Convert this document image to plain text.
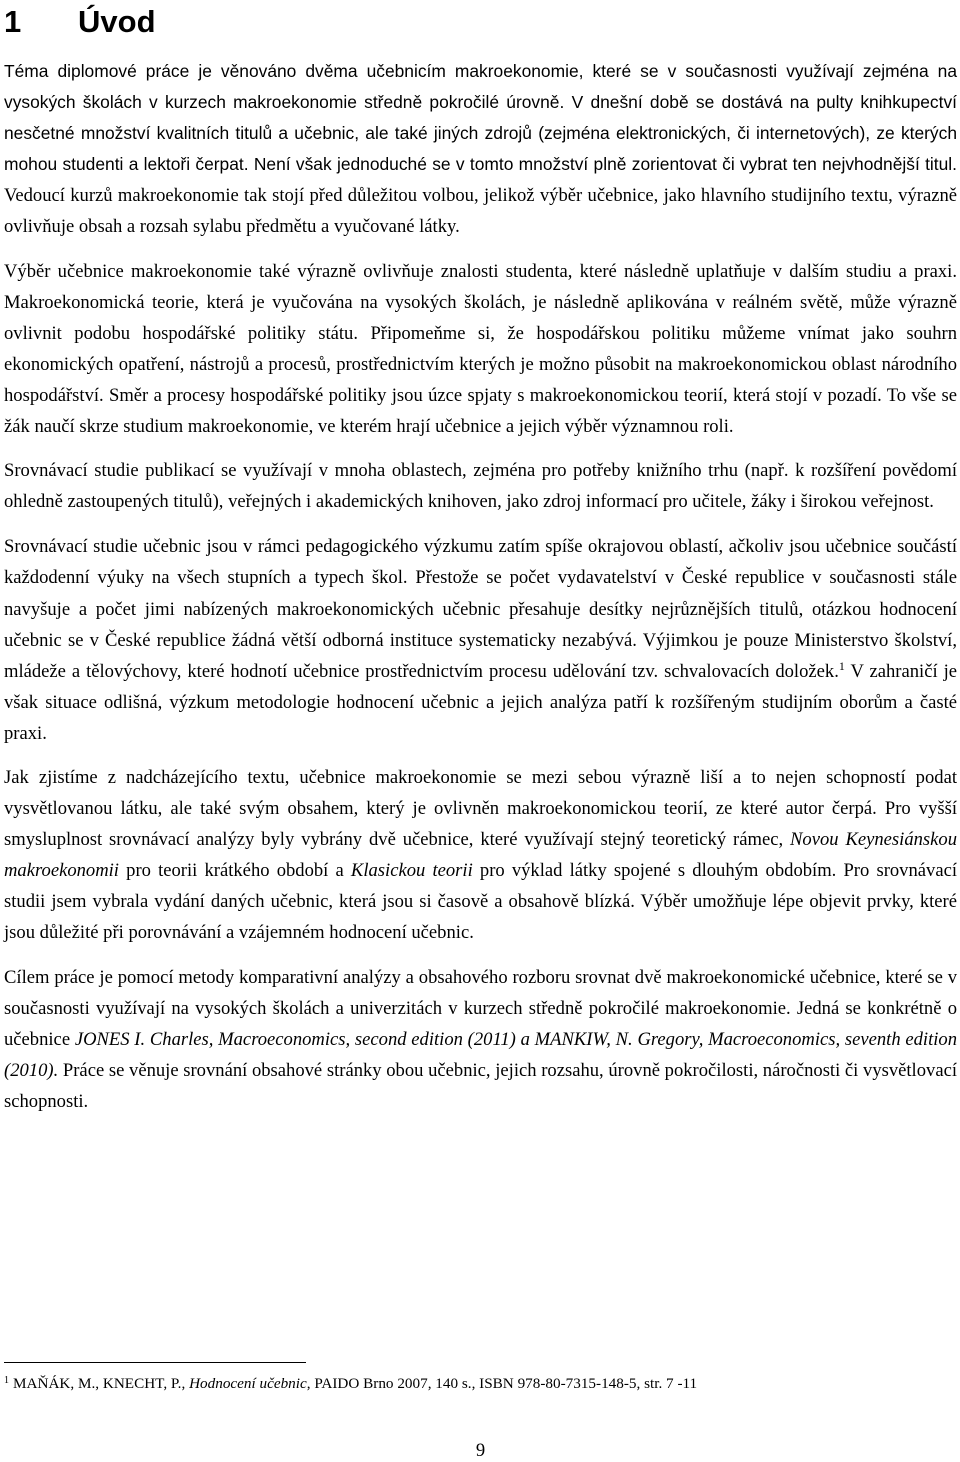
1 Úvod

Téma diplomové práce je věnováno dvěma učebnicím makroekonomie, které se v současnosti využívají zejména na vysokých školách v kurzech makroekonomie středně pokročilé úrovně. V dnešní době se dostává na pulty knihkupectví nesčetné množství kvalitních titulů a učebnic, ale také jiných zdrojů (zejména elektronických, či internetových), ze kterých mohou studenti a lektoři čerpat. Není však jednoduché se v tomto množství plně zorientovat či vybrat ten nejvhodnější titul. Vedoucí kurzů makroekonomie tak stojí před důležitou volbou, jelikož výběr učebnice, jako hlavního studijního textu, výrazně ovlivňuje obsah a rozsah sylabu předmětu a vyučované látky.

Výběr učebnice makroekonomie také výrazně ovlivňuje znalosti studenta, které následně uplatňuje v dalším studiu a praxi. Makroekonomická teorie, která je vyučována na vysokých školách, je následně aplikována v reálném světě, může výrazně ovlivnit podobu hospodářské politiky státu. Připomeňme si, že hospodářskou politiku můžeme vnímat jako souhrn ekonomických opatření, nástrojů a procesů, prostřednictvím kterých je možno působit na makroekonomickou oblast národního hospodářství. Směr a procesy hospodářské politiky jsou úzce spjaty s makroekonomickou teorií, která stojí v pozadí. To vše se žák naučí skrze studium makroekonomie, ve kterém hrají učebnice a jejich výběr významnou roli.

Srovnávací studie publikací se využívají v mnoha oblastech, zejména pro potřeby knižního trhu (např. k rozšíření povědomí ohledně zastoupených titulů), veřejných i akademických knihoven, jako zdroj informací pro učitele, žáky i širokou veřejnost.

Srovnávací studie učebnic jsou v rámci pedagogického výzkumu zatím spíše okrajovou oblastí, ačkoliv jsou učebnice součástí každodenní výuky na všech stupních a typech škol. Přestože se počet vydavatelství v České republice v současnosti stále navyšuje a počet jimi nabízených makroekonomických učebnic přesahuje desítky nejrůznějších titulů, otázkou hodnocení učebnic se v České republice žádná větší odborná instituce systematicky nezabývá. Výjimkou je pouze Ministerstvo školství, mládeže a tělovýchovy, které hodnotí učebnice prostřednictvím procesu udělování tzv. schvalovacích doložek.$^1$ V zahraničí je však situace odlišná, výzkum metodologie hodnocení učebnic a jejich analýza patří k rozšířeným studijním oborům a časté praxi.

Jak zjistíme z nadcházejícího textu, učebnice makroekonomie se mezi sebou výrazně liší a to nejen schopností podat vysvětlovanou látku, ale také svým obsahem, který je ovlivněn makroekonomickou teorií, ze které autor čerpá. Pro vyšší smysluplnost srovnávací analýzy byly vybrány dvě učebnice, které využívají stejný teoretický rámec, Novou Keynesiánskou makroekonomii pro teorii krátkého období a Klasickou teorii pro výklad látky spojené s dlouhým obdobím. Pro srovnávací studii jsem vybrala vydání daných učebnic, která jsou si časově a obsahově blízká. Výběr umožňuje lépe objevit prvky, které jsou důležité při porovnávání a vzájemném hodnocení učebnic.

Cílem práce je pomocí metody komparativní analýzy a obsahového rozboru srovnat dvě makroekonomické učebnice, které se v současnosti využívají na vysokých školách a univerzitách v kurzech středně pokročilé makroekonomie. Jedná se konkrétně o učebnice JONES I. Charles, Macroeconomics, second edition (2011) a MANKIW, N. Gregory, Macroeconomics, seventh edition (2010). Práce se věnuje srovnání obsahové stránky obou učebnic, jejich rozsahu, úrovně pokročilosti, náročnosti či vysvětlovací schopnosti.

$^1$ MAŇÁK, M., KNECHT, P., Hodnocení učebnic, PAIDO Brno 2007, 140 s., ISBN 978-80-7315-148-5, str. 7 -11
9
